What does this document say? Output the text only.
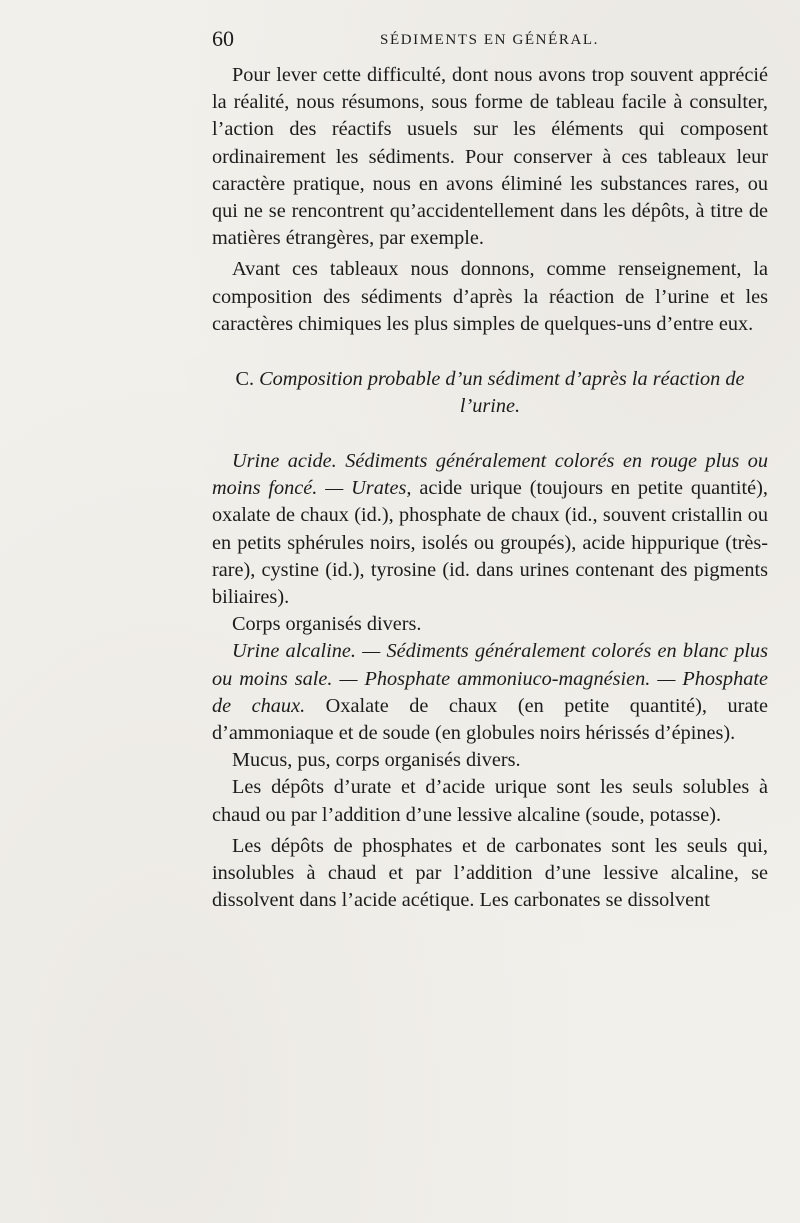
60	SÉDIMENTS EN GÉNÉRAL.

Pour lever cette difficulté, dont nous avons trop souvent apprécié la réalité, nous résumons, sous forme de tableau facile à consulter, l’action des réactifs usuels sur les éléments qui composent ordinairement les sédiments. Pour conserver à ces tableaux leur caractère pratique, nous en avons éliminé les substances rares, ou qui ne se rencontrent qu’accidentellement dans les dépôts, à titre de matières étrangères, par exemple.

Avant ces tableaux nous donnons, comme renseignement, la composition des sédiments d’après la réaction de l’urine et les caractères chimiques les plus simples de quelques-uns d’entre eux.

C. Composition probable d’un sédiment d’après la réaction de l’urine.

Urine acide. Sédiments généralement colorés en rouge plus ou moins foncé. — Urates, acide urique (toujours en petite quantité), oxalate de chaux (id.), phosphate de chaux (id., souvent cristallin ou en petits sphérules noirs, isolés ou groupés), acide hippurique (très-rare), cystine (id.), tyrosine (id. dans urines contenant des pigments biliaires).

Corps organisés divers.

Urine alcaline. — Sédiments généralement colorés en blanc plus ou moins sale. — Phosphate ammoniuco-magnésien. — Phosphate de chaux. Oxalate de chaux (en petite quantité), urate d’ammoniaque et de soude (en globules noirs hérissés d’épines).

Mucus, pus, corps organisés divers.

Les dépôts d’urate et d’acide urique sont les seuls solubles à chaud ou par l’addition d’une lessive alcaline (soude, potasse).

Les dépôts de phosphates et de carbonates sont les seuls qui, insolubles à chaud et par l’addition d’une lessive alcaline, se dissolvent dans l’acide acétique. Les carbonates se dissolvent
